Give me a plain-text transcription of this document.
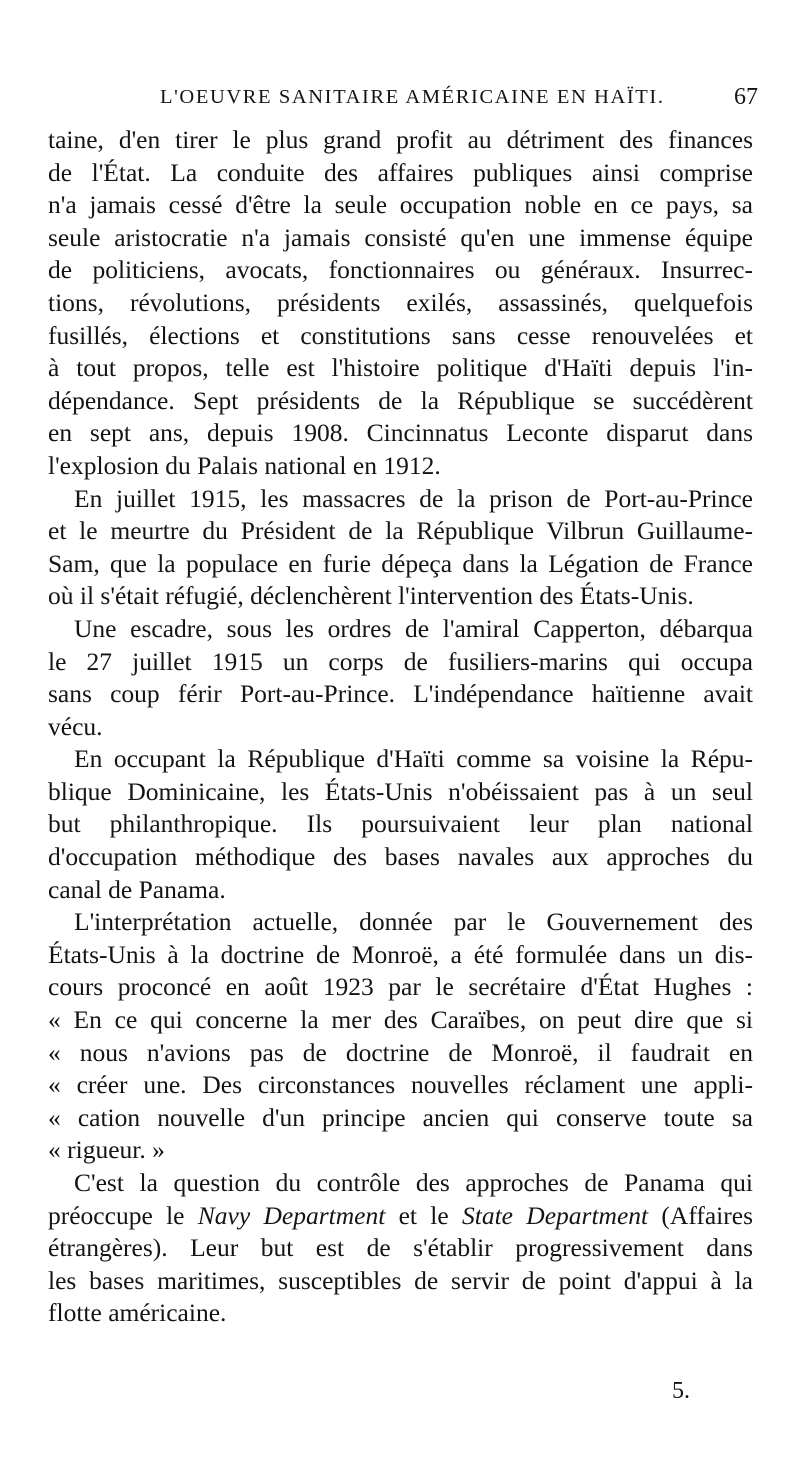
L'OEUVRE SANITAIRE AMÉRICAINE EN HAÏTI.	67
taine, d'en tirer le plus grand profit au détriment des finances
de l'État. La conduite des affaires publiques ainsi comprise
n'a jamais cessé d'être la seule occupation noble en ce pays, sa
seule aristocratie n'a jamais consisté qu'en une immense équipe
de politiciens, avocats, fonctionnaires ou généraux. Insurrec-
tions, révolutions, présidents exilés, assassinés, quelquefois
fusillés, élections et constitutions sans cesse renouvelées et
à tout propos, telle est l'histoire politique d'Haïti depuis l'in-
dépendance. Sept présidents de la République se succédèrent
en sept ans, depuis 1908. Cincinnatus Leconte disparut dans
l'explosion du Palais national en 1912.
En juillet 1915, les massacres de la prison de Port-au-Prince
et le meurtre du Président de la République Vilbrun Guillaume-
Sam, que la populace en furie dépeça dans la Légation de France
où il s'était réfugié, déclenchèrent l'intervention des États-Unis.
Une escadre, sous les ordres de l'amiral Capperton, débarqua
le 27 juillet 1915 un corps de fusiliers-marins qui occupa
sans coup férir Port-au-Prince. L'indépendance haïtienne avait
vécu.
En occupant la République d'Haïti comme sa voisine la Répu-
blique Dominicaine, les États-Unis n'obéissaient pas à un seul
but philanthropique. Ils poursuivaient leur plan national
d'occupation méthodique des bases navales aux approches du
canal de Panama.
L'interprétation actuelle, donnée par le Gouvernement des
États-Unis à la doctrine de Monroë, a été formulée dans un dis-
cours proconcé en août 1923 par le secrétaire d'État Hughes :
« En ce qui concerne la mer des Caraïbes, on peut dire que si
« nous n'avions pas de doctrine de Monroë, il faudrait en
« créer une. Des circonstances nouvelles réclament une appli-
« cation nouvelle d'un principe ancien qui conserve toute sa
« rigueur. »
C'est la question du contrôle des approches de Panama qui
préoccupe le Navy Department et le State Department (Affaires
étrangères). Leur but est de s'établir progressivement dans
les bases maritimes, susceptibles de servir de point d'appui à la
flotte américaine.
5.
